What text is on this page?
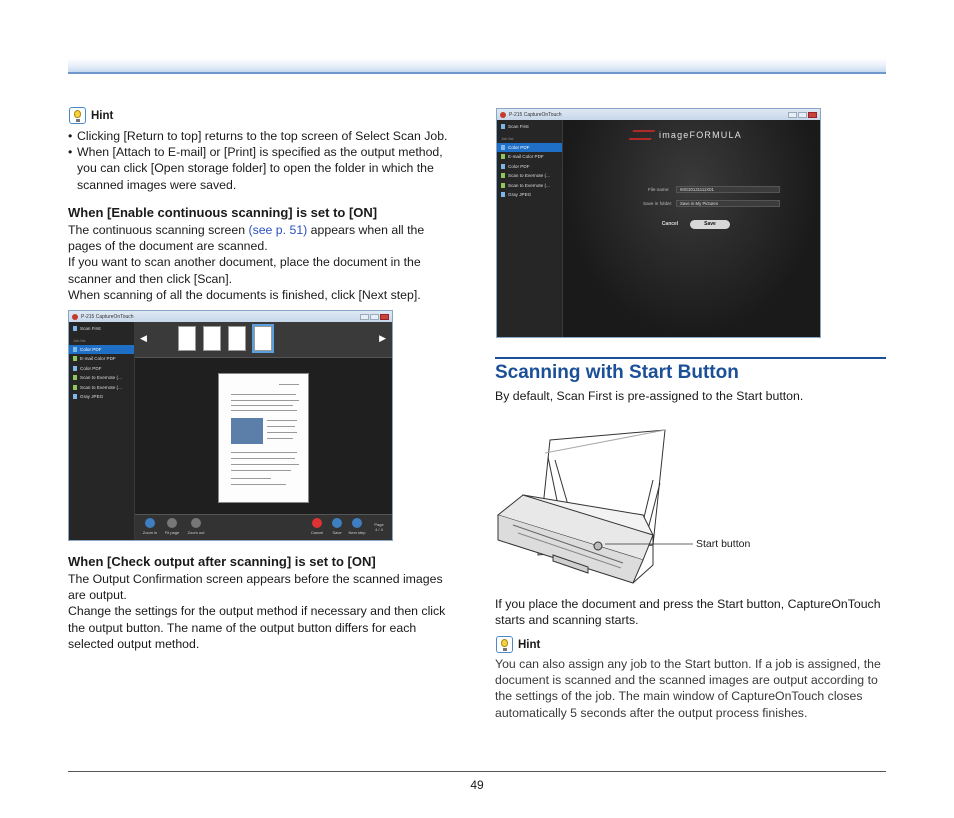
Hint
• Clicking [Return to top] returns to the top screen of Select Scan Job.
• When [Attach to E-mail] or [Print] is specified as the output method, you can click [Open storage folder] to open the folder in which the scanned images were saved.
When [Enable continuous scanning] is set to [ON]

The continuous scanning screen (see p. 51) appears when all the pages of the document are scanned.

If you want to scan another document, place the document in the scanner and then click [Scan].

When scanning of all the documents is finished, click [Next step].

P-215 CaptureOnTouch
Scan First
Job list
Color PDF
E-mail Color PDF
Color PDF
Scan to Evernote (...
Scan to Evernote (...
Gray JPEG
◀	▶
Zoom in	Fit page	Zoom out	Cancel	Save	Next step
Page
4 / 4
When [Check output after scanning] is set to [ON]

The Output Confirmation screen appears before the scanned images are output.

Change the settings for the output method if necessary and then click the output button. The name of the output button differs for each selected output method.

P-215 CaptureOnTouch
Scan First
Job list
Color PDF
E-mail Color PDF
Color PDF
Scan to Evernote (...
Scan to Evernote (...
Gray JPEG
imageFORMULA
File name:	IMG20131111X01
Save in folder:	Save in My Pictures
Cancel	Save
Scanning with Start Button
By default, Scan First is pre-assigned to the Start button.
Start button
If you place the document and press the Start button, CaptureOnTouch starts and scanning starts.
Hint
You can also assign any job to the Start button. If a job is assigned, the document is scanned and the scanned images are output according to the settings of the job. The main window of CaptureOnTouch closes automatically 5 seconds after the output process finishes.
49
